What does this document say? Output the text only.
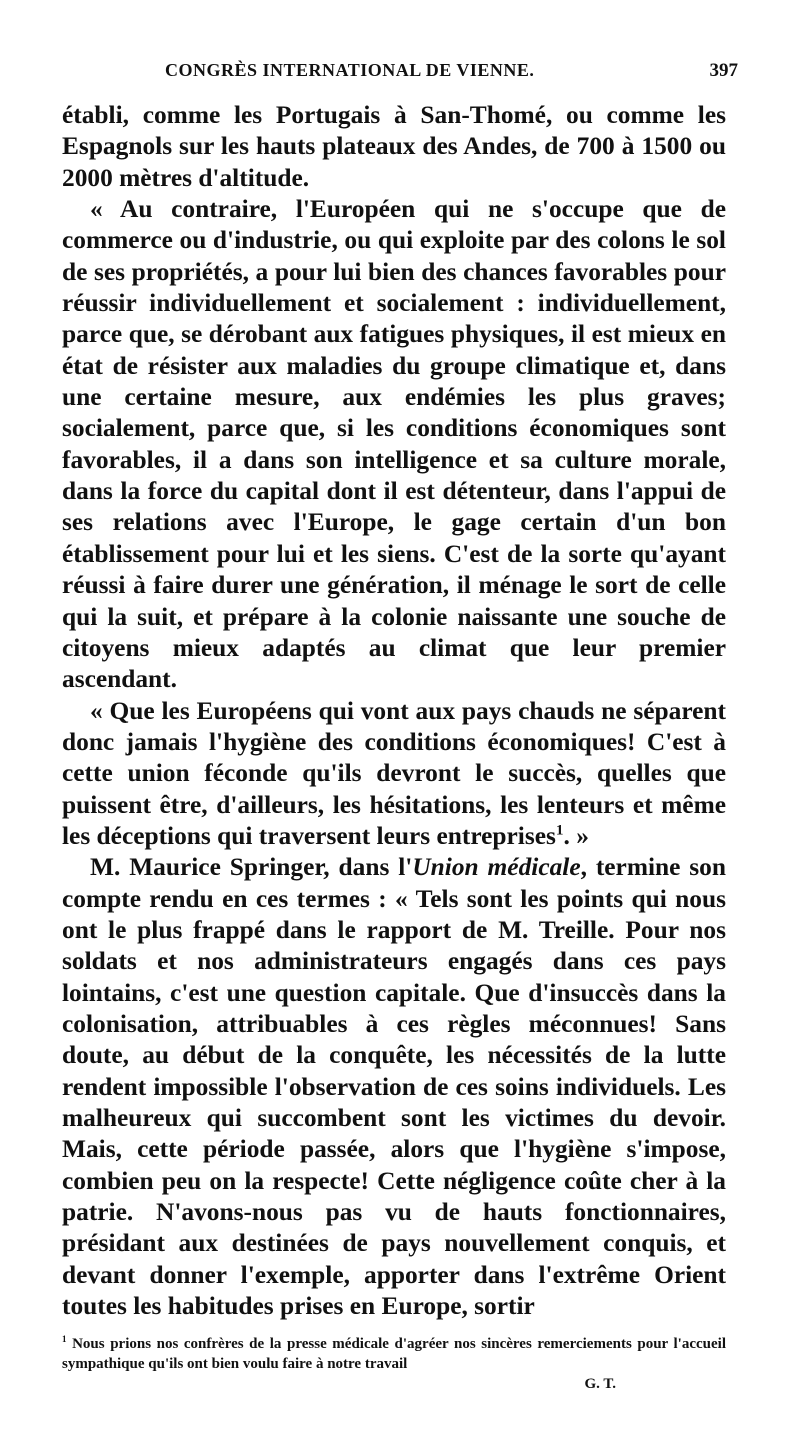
CONGRÈS INTERNATIONAL DE VIENNE.	397

établi, comme les Portugais à San-Thomé, ou comme les Espagnols sur les hauts plateaux des Andes, de 700 à 1500 ou 2000 mètres d'altitude.

« Au contraire, l'Européen qui ne s'occupe que de commerce ou d'industrie, ou qui exploite par des colons le sol de ses propriétés, a pour lui bien des chances favorables pour réussir individuellement et socialement : individuellement, parce que, se dérobant aux fatigues physiques, il est mieux en état de résister aux maladies du groupe climatique et, dans une certaine mesure, aux endémies les plus graves; socialement, parce que, si les conditions économiques sont favorables, il a dans son intelligence et sa culture morale, dans la force du capital dont il est détenteur, dans l'appui de ses relations avec l'Europe, le gage certain d'un bon établissement pour lui et les siens. C'est de la sorte qu'ayant réussi à faire durer une génération, il ménage le sort de celle qui la suit, et prépare à la colonie naissante une souche de citoyens mieux adaptés au climat que leur premier ascendant.

« Que les Européens qui vont aux pays chauds ne séparent donc jamais l'hygiène des conditions économiques! C'est à cette union féconde qu'ils devront le succès, quelles que puissent être, d'ailleurs, les hésitations, les lenteurs et même les déceptions qui traversent leurs entreprises$^1$. »

M. Maurice Springer, dans l'Union médicale, termine son compte rendu en ces termes : « Tels sont les points qui nous ont le plus frappé dans le rapport de M. Treille. Pour nos soldats et nos administrateurs engagés dans ces pays lointains, c'est une question capitale. Que d'insuccès dans la colonisation, attribuables à ces règles méconnues! Sans doute, au début de la conquête, les nécessités de la lutte rendent impossible l'observation de ces soins individuels. Les malheureux qui succombent sont les victimes du devoir. Mais, cette période passée, alors que l'hygiène s'impose, combien peu on la respecte! Cette négligence coûte cher à la patrie. N'avons-nous pas vu de hauts fonctionnaires, présidant aux destinées de pays nouvellement conquis, et devant donner l'exemple, apporter dans l'extrême Orient toutes les habitudes prises en Europe, sortir

$^1$ Nous prions nos confrères de la presse médicale d'agréer nos sincères remerciements pour l'accueil sympathique qu'ils ont bien voulu faire à notre travail
G. T.
